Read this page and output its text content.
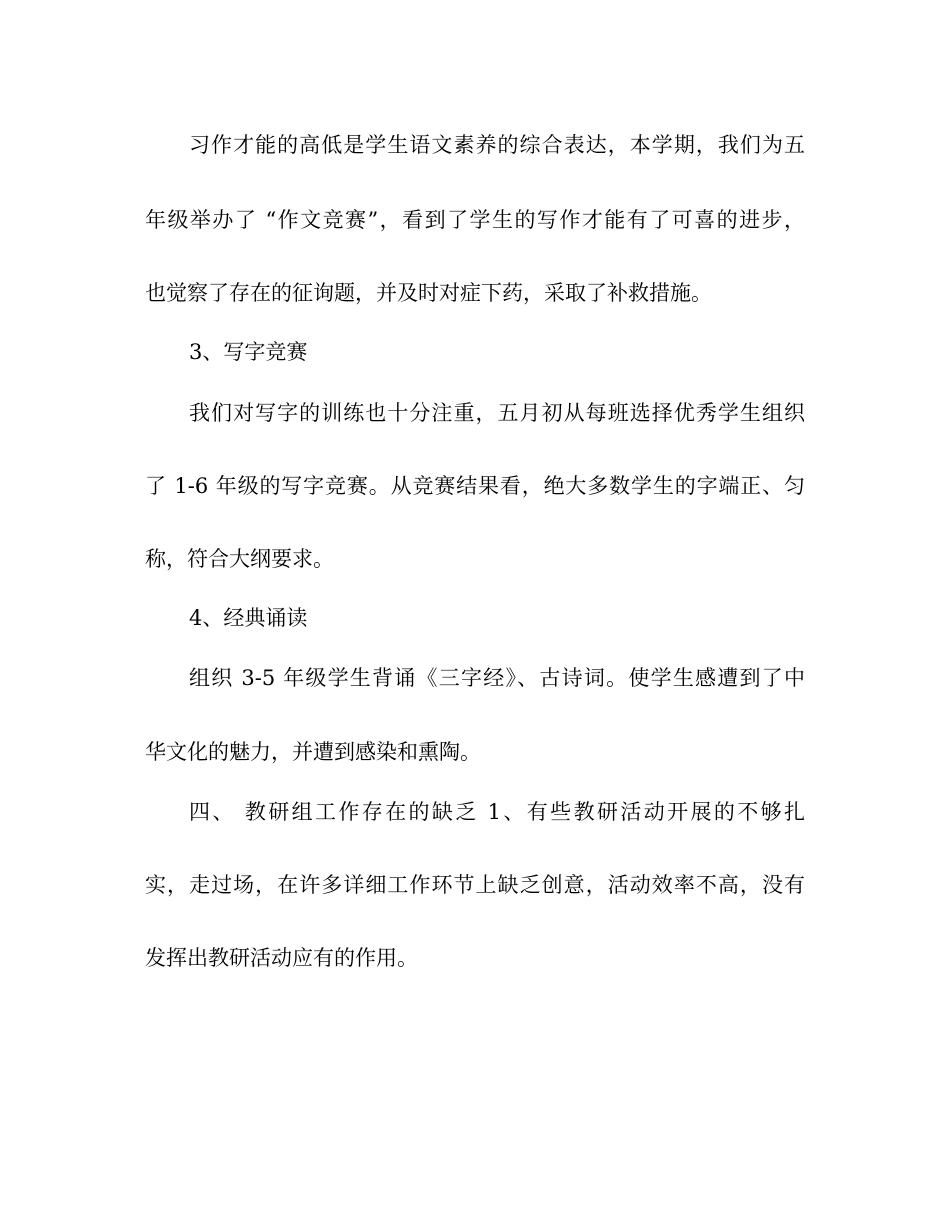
习作才能的高低是学生语文素养的综合表达，本学期，我们为五
年级举办了 “作文竞赛”，看到了学生的写作才能有了可喜的进步，
也觉察了存在的征询题，并及时对症下药，采取了补救措施。
3、写字竞赛
我们对写字的训练也十分注重，五月初从每班选择优秀学生组织
了 1-6 年级的写字竞赛。从竞赛结果看，绝大多数学生的字端正、匀
称，符合大纲要求。
4、经典诵读
组织 3-5 年级学生背诵《三字经》、古诗词。使学生感遭到了中
华文化的魅力，并遭到感染和熏陶。
四、 教研组工作存在的缺乏 1、有些教研活动开展的不够扎
实，走过场，在许多详细工作环节上缺乏创意，活动效率不高，没有
发挥出教研活动应有的作用。
